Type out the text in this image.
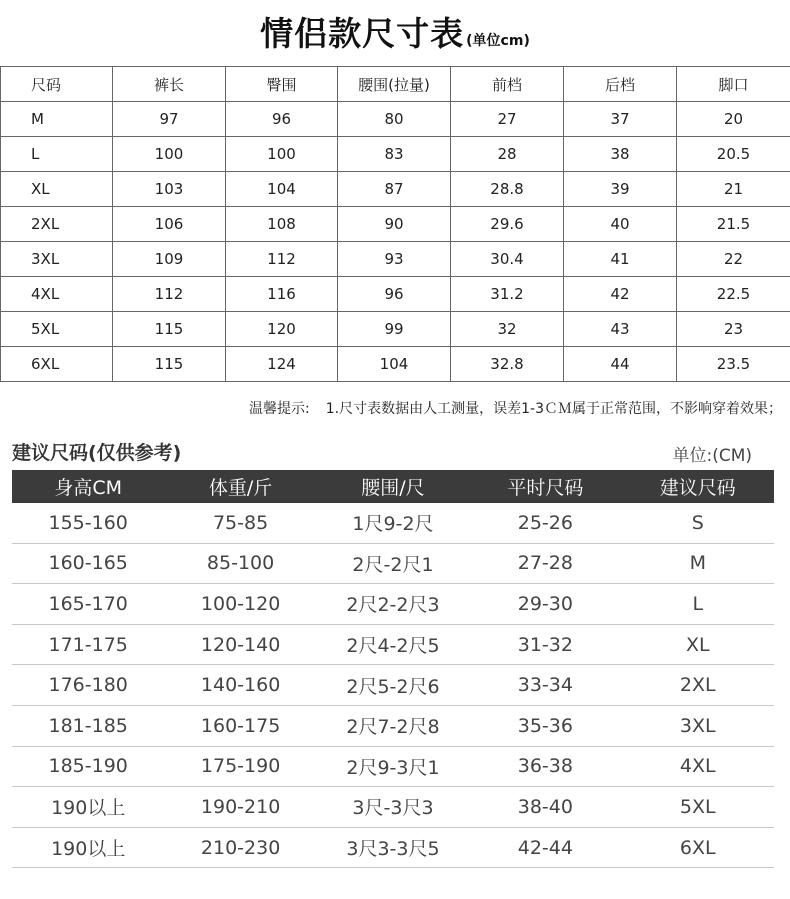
情侣款尺寸表 (单位cm)
尺码	裤长	臀围	腰围(拉量)	前档	后档	脚口
M	97	96	80	27	37	20
L	100	100	83	28	38	20.5
XL	103	104	87	28.8	39	21
2XL	106	108	90	29.6	40	21.5
3XL	109	112	93	30.4	41	22
4XL	112	116	96	31.2	42	22.5
5XL	115	120	99	32	43	23
6XL	115	124	104	32.8	44	23.5
温馨提示: 1.尺寸表数据由人工测量，误差1-3ＣＭ属于正常范围，不影响穿着效果；
建议尺码(仅供参考)	单位:(CM)
身高CM	体重/斤	腰围/尺	平时尺码	建议尺码
155-160	75-85	1尺9-2尺	25-26	S
160-165	85-100	2尺-2尺1	27-28	M
165-170	100-120	2尺2-2尺3	29-30	L
171-175	120-140	2尺4-2尺5	31-32	XL
176-180	140-160	2尺5-2尺6	33-34	2XL
181-185	160-175	2尺7-2尺8	35-36	3XL
185-190	175-190	2尺9-3尺1	36-38	4XL
190以上	190-210	3尺-3尺3	38-40	5XL
190以上	210-230	3尺3-3尺5	42-44	6XL
